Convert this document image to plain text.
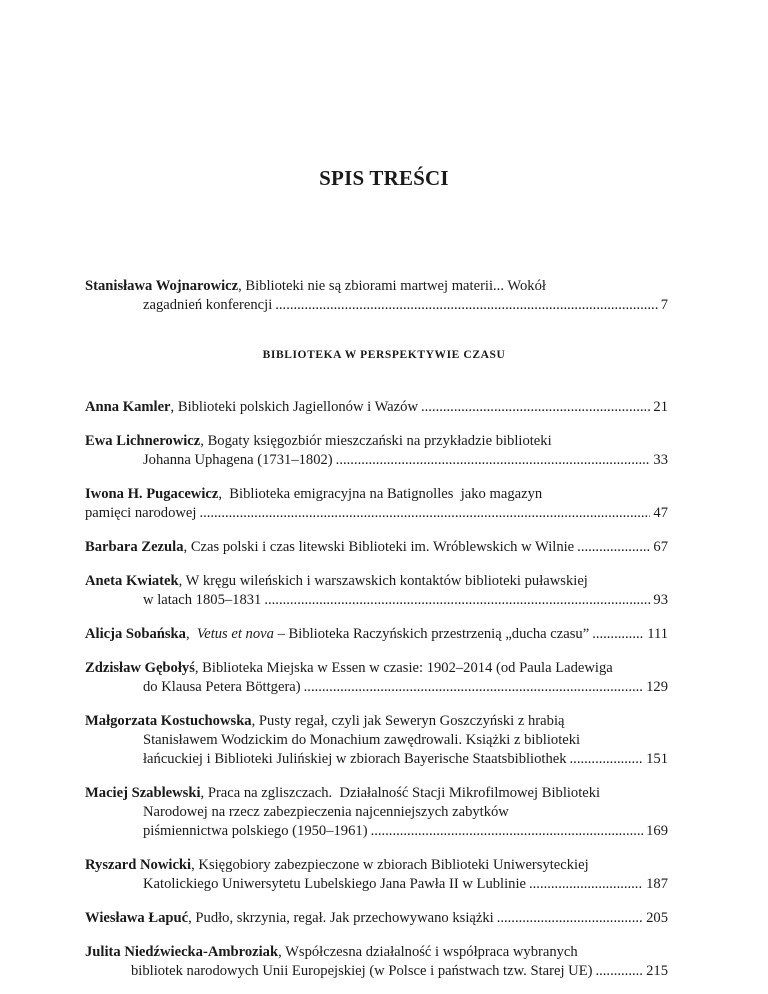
SPIS TREŚCI
Stanisława Wojnarowicz, Biblioteki nie są zbiorami martwej materii... Wokół
zagadnień konferencji .....	7
BIBLIOTEKA W PERSPEKTYWIE CZASU
Anna Kamler, Biblioteki polskich Jagiellonów i Wazów .....	21
Ewa Lichnerowicz, Bogaty księgozbiór mieszczański na przykładzie biblioteki
Johanna Uphagena (1731–1802) .....	33
Iwona H. Pugacewicz,  Biblioteka emigracyjna na Batignolles  jako magazyn
pamięci narodowej .....	47
Barbara Zezula, Czas polski i czas litewski Biblioteki im. Wróblewskich w Wilnie .....	67
Aneta Kwiatek, W kręgu wileńskich i warszawskich kontaktów biblioteki puławskiej
w latach 1805–1831 .....	93
Alicja Sobańska,  Vetus et nova – Biblioteka Raczyńskich przestrzenią „ducha czasu” .....	111
Zdzisław Gębołyś, Biblioteka Miejska w Essen w czasie: 1902–2014 (od Paula Ladewiga
do Klausa Petera Böttgera) .....	129
Małgorzata Kostuchowska, Pusty regał, czyli jak Seweryn Goszczyński z hrabią
Stanisławem Wodzickim do Monachium zawędrowali. Książki z biblioteki
łańcuckiej i Biblioteki Julińskiej w zbiorach Bayerische Staatsbibliothek .....	151
Maciej Szablewski, Praca na zgliszczach.  Działalność Stacji Mikrofilmowej Biblioteki
Narodowej na rzecz zabezpieczenia najcenniejszych zabytków
piśmiennictwa polskiego (1950–1961) .....	169
Ryszard Nowicki, Księgobiory zabezpieczone w zbiorach Biblioteki Uniwersyteckiej
Katolickiego Uniwersytetu Lubelskiego Jana Pawła II w Lublinie .....	187
Wiesława Łapuć, Pudło, skrzynia, regał. Jak przechowywano książki .....	205
Julita Niedźwiecka-Ambroziak, Współczesna działalność i współpraca wybranych
bibliotek narodowych Unii Europejskiej (w Polsce i państwach tzw. Starej UE) .....	215
